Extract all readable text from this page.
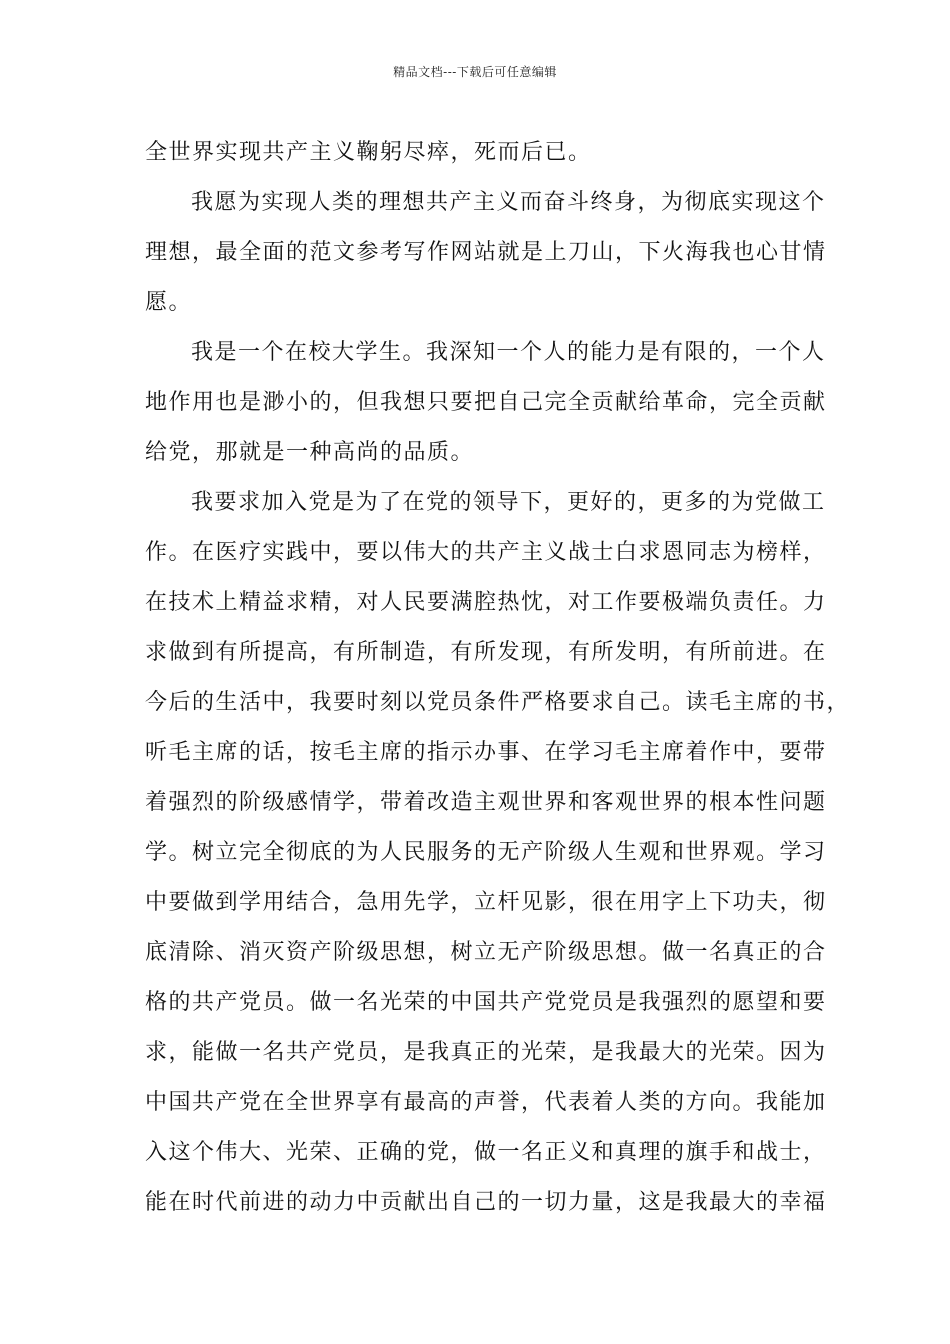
精品文档---下载后可任意编辑
全世界实现共产主义鞠躬尽瘁，死而后已。
我愿为实现人类的理想共产主义而奋斗终身，为彻底实现这个
理想，最全面的范文参考写作网站就是上刀山，下火海我也心甘情
愿。
我是一个在校大学生。我深知一个人的能力是有限的，一个人
地作用也是渺小的，但我想只要把自己完全贡献给革命，完全贡献
给党，那就是一种高尚的品质。
我要求加入党是为了在党的领导下，更好的，更多的为党做工
作。在医疗实践中，要以伟大的共产主义战士白求恩同志为榜样，
在技术上精益求精，对人民要满腔热忱，对工作要极端负责任。力
求做到有所提高，有所制造，有所发现，有所发明，有所前进。在
今后的生活中，我要时刻以党员条件严格要求自己。读毛主席的书，
听毛主席的话，按毛主席的指示办事、在学习毛主席着作中，要带
着强烈的阶级感情学，带着改造主观世界和客观世界的根本性问题
学。树立完全彻底的为人民服务的无产阶级人生观和世界观。学习
中要做到学用结合，急用先学，立杆见影，很在用字上下功夫，彻
底清除、消灭资产阶级思想，树立无产阶级思想。做一名真正的合
格的共产党员。做一名光荣的中国共产党党员是我强烈的愿望和要
求，能做一名共产党员，是我真正的光荣，是我最大的光荣。因为
中国共产党在全世界享有最高的声誉，代表着人类的方向。我能加
入这个伟大、光荣、正确的党，做一名正义和真理的旗手和战士，
能在时代前进的动力中贡献出自己的一切力量，这是我最大的幸福
